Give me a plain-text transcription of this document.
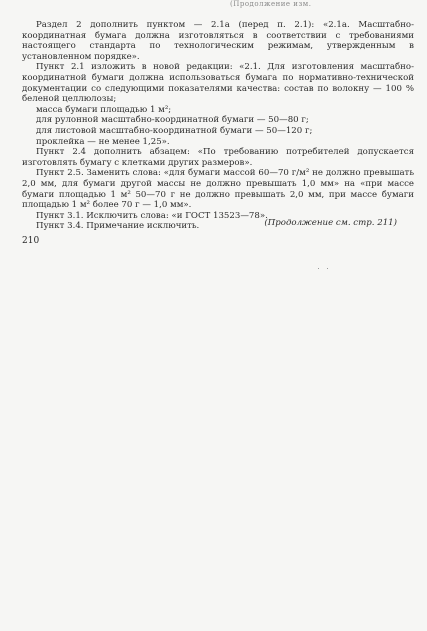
(Продолжение изм.

Раздел 2 дополнить пунктом — 2.1а (перед п. 2.1): «2.1а. Масштабно-координатная бумага должна изготовляться в соответствии с требованиями настоящего стандарта по технологическим режимам, утвержденным в установленном порядке».

Пункт 2.1 изложить в новой редакции: «2.1. Для изготовления масштабно-координатной бумаги должна использоваться бумага по нормативно-технической документации со следующими показателями качества: состав по волокну — 100 % беленой целлюлозы;

масса бумаги площадью 1 м²;

для рулонной масштабно-координатной бумаги — 50—80 г;

для листовой масштабно-координатной бумаги — 50—120 г;

проклейка — не менее 1,25».

Пункт 2.4 дополнить абзацем: «По требованию потребителей допускается изготовлять бумагу с клетками других размеров».

Пункт 2.5. Заменить слова: «для бумаги массой 60—70 г/м² не должно превышать 2,0 мм, для бумаги другой массы не должно превышать 1,0 мм» на «при массе бумаги площадью 1 м² 50—70 г не должно превышать 2,0 мм, при массе бумаги площадью 1 м² более 70 г — 1,0 мм».

Пункт 3.1. Исключить слова: «и ГОСТ 13523—78».

Пункт 3.4. Примечание исключить.	(Продолжение см. стр. 211)
210
